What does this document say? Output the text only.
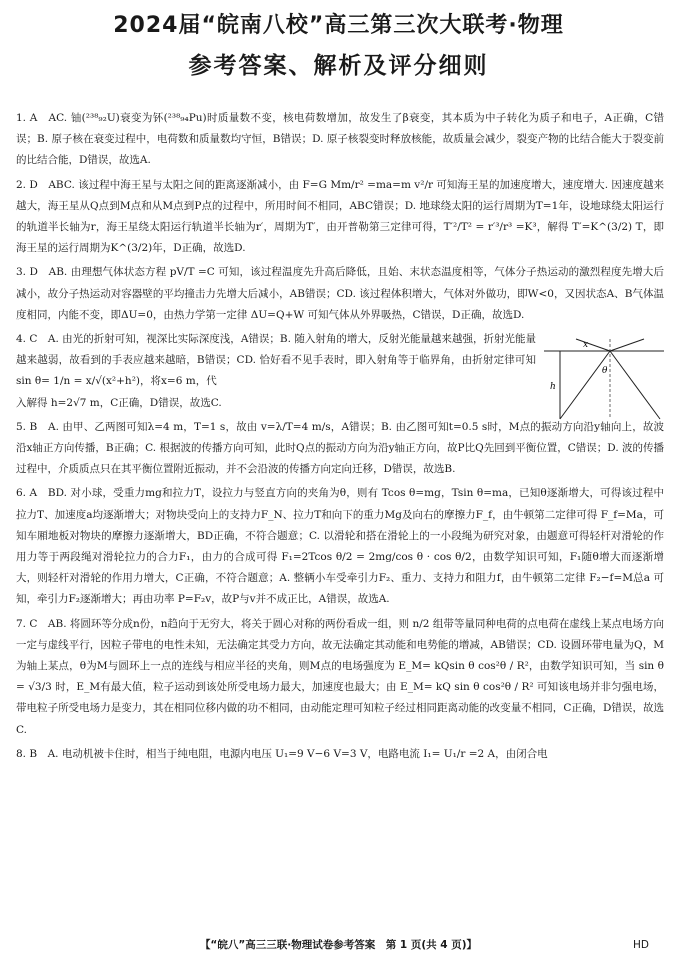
2024届“皖南八校”高三第三次大联考·物理
参考答案、解析及评分细则

1. A　AC. 铀(²³⁸₉₂U)衰变为钚(²³⁸₉₄Pu)时质量数不变，核电荷数增加，故发生了β衰变，其本质为中子转化为质子和电子，A正确，C错误；B. 原子核在衰变过程中，电荷数和质量数均守恒，B错误；D. 原子核裂变时释放核能，故质量会减少，裂变产物的比结合能大于裂变前的比结合能，D错误，故选A.

2. D　ABC. 该过程中海王星与太阳之间的距离逐渐减小，由 F=G Mm/r² =ma=m v²/r 可知海王星的加速度增大，速度增大. 因速度越来越大，海王星从Q点到M点和从M点到P点的过程中，所用时间不相同，ABC错误；D. 地球绕太阳的运行周期为T=1年，设地球绕太阳运行的轨道半长轴为r，海王星绕太阳运行轨道半长轴为r′，周期为T′，由开普勒第三定律可得，T′²/T² = r′³/r³ =K³，解得 T′=K^(3/2) T，即海王星的运行周期为K^(3/2)年，D正确，故选D.

3. D　AB. 由理想气体状态方程 pV/T =C 可知，该过程温度先升高后降低，且始、末状态温度相等，气体分子热运动的激烈程度先增大后减小，故分子热运动对容器壁的平均撞击力先增大后减小，AB错误；CD. 该过程体积增大，气体对外做功，即W<0，又因状态A、B气体温度相同，内能不变，即ΔU=0，由热力学第一定律 ΔU=Q+W 可知气体从外界吸热，C错误，D正确，故选D.

4. C　A. 由光的折射可知，视深比实际深度浅，A错误；B. 随入射角的增大，反射光能量越来越强，折射光能量越来越弱，故看到的手表应越来越暗，B错误；CD. 恰好看不见手表时，即入射角等于临界角，由折射定律可知 sin θ= 1/n = x/√(x²+h²)，将x=6 m，代

x
h
θ

入解得 h=2√7 m，C正确，D错误，故选C.

5. B　A. 由甲、乙两图可知λ=4 m，T=1 s，故由 v=λ/T=4 m/s，A错误；B. 由乙图可知t=0.5 s时，M点的振动方向沿y轴向上，故波沿x轴正方向传播，B正确；C. 根据波的传播方向可知，此时Q点的振动方向为沿y轴正方向，故P比Q先回到平衡位置，C错误；D. 波的传播过程中，介质质点只在其平衡位置附近振动，并不会沿波的传播方向定向迁移，D错误，故选B.

6. A　BD. 对小球，受重力mg和拉力T，设拉力与竖直方向的夹角为θ，则有 Tcos θ=mg，Tsin θ=ma，已知θ逐渐增大，可得该过程中拉力T、加速度a均逐渐增大；对物块受向上的支持力F_N、拉力T和向下的重力Mg及向右的摩擦力F_f，由牛顿第二定律可得 F_f=Ma，可知车厢地板对物块的摩擦力逐渐增大，BD正确，不符合题意；C. 以滑轮和搭在滑轮上的一小段绳为研究对象，由题意可得轻杆对滑轮的作用力等于两段绳对滑轮拉力的合力F₁，由力的合成可得 F₁=2Tcos θ/2 = 2mg/cos θ · cos θ/2，由数学知识可知，F₁随θ增大而逐渐增大，则轻杆对滑轮的作用力增大，C正确，不符合题意；A. 整辆小车受牵引力F₂、重力、支持力和阻力f，由牛顿第二定律 F₂−f=M总a 可知，牵引力F₂逐渐增大；再由功率 P=F₂v，故P与v并不成正比，A错误，故选A.

7. C　AB. 将圆环等分成n份，n趋向于无穷大，将关于圆心对称的两份看成一组，则 n/2 组带等量同种电荷的点电荷在虚线上某点电场方向一定与虚线平行，因粒子带电的电性未知，无法确定其受力方向，故无法确定其动能和电势能的增减，AB错误；CD. 设圆环带电量为Q，M为轴上某点，θ为M与圆环上一点的连线与相应半径的夹角，则M点的电场强度为 E_M= kQsin θ cos²θ / R²，由数学知识可知，当 sin θ= √3/3 时，E_M有最大值，粒子运动到该处所受电场力最大，加速度也最大；由 E_M= kQ sin θ cos²θ / R² 可知该电场并非匀强电场，带电粒子所受电场力是变力，其在相同位移内做的功不相同，由动能定理可知粒子经过相同距离动能的改变量不相同，C正确，D错误，故选C.

8. B　A. 电动机被卡住时，相当于纯电阻，电源内电压 U₁=9 V−6 V=3 V，电路电流 I₁= U₁/r =2 A，由闭合电

【“皖八”高三三联·物理试卷参考答案　第 1 页(共 4 页)】	HD
